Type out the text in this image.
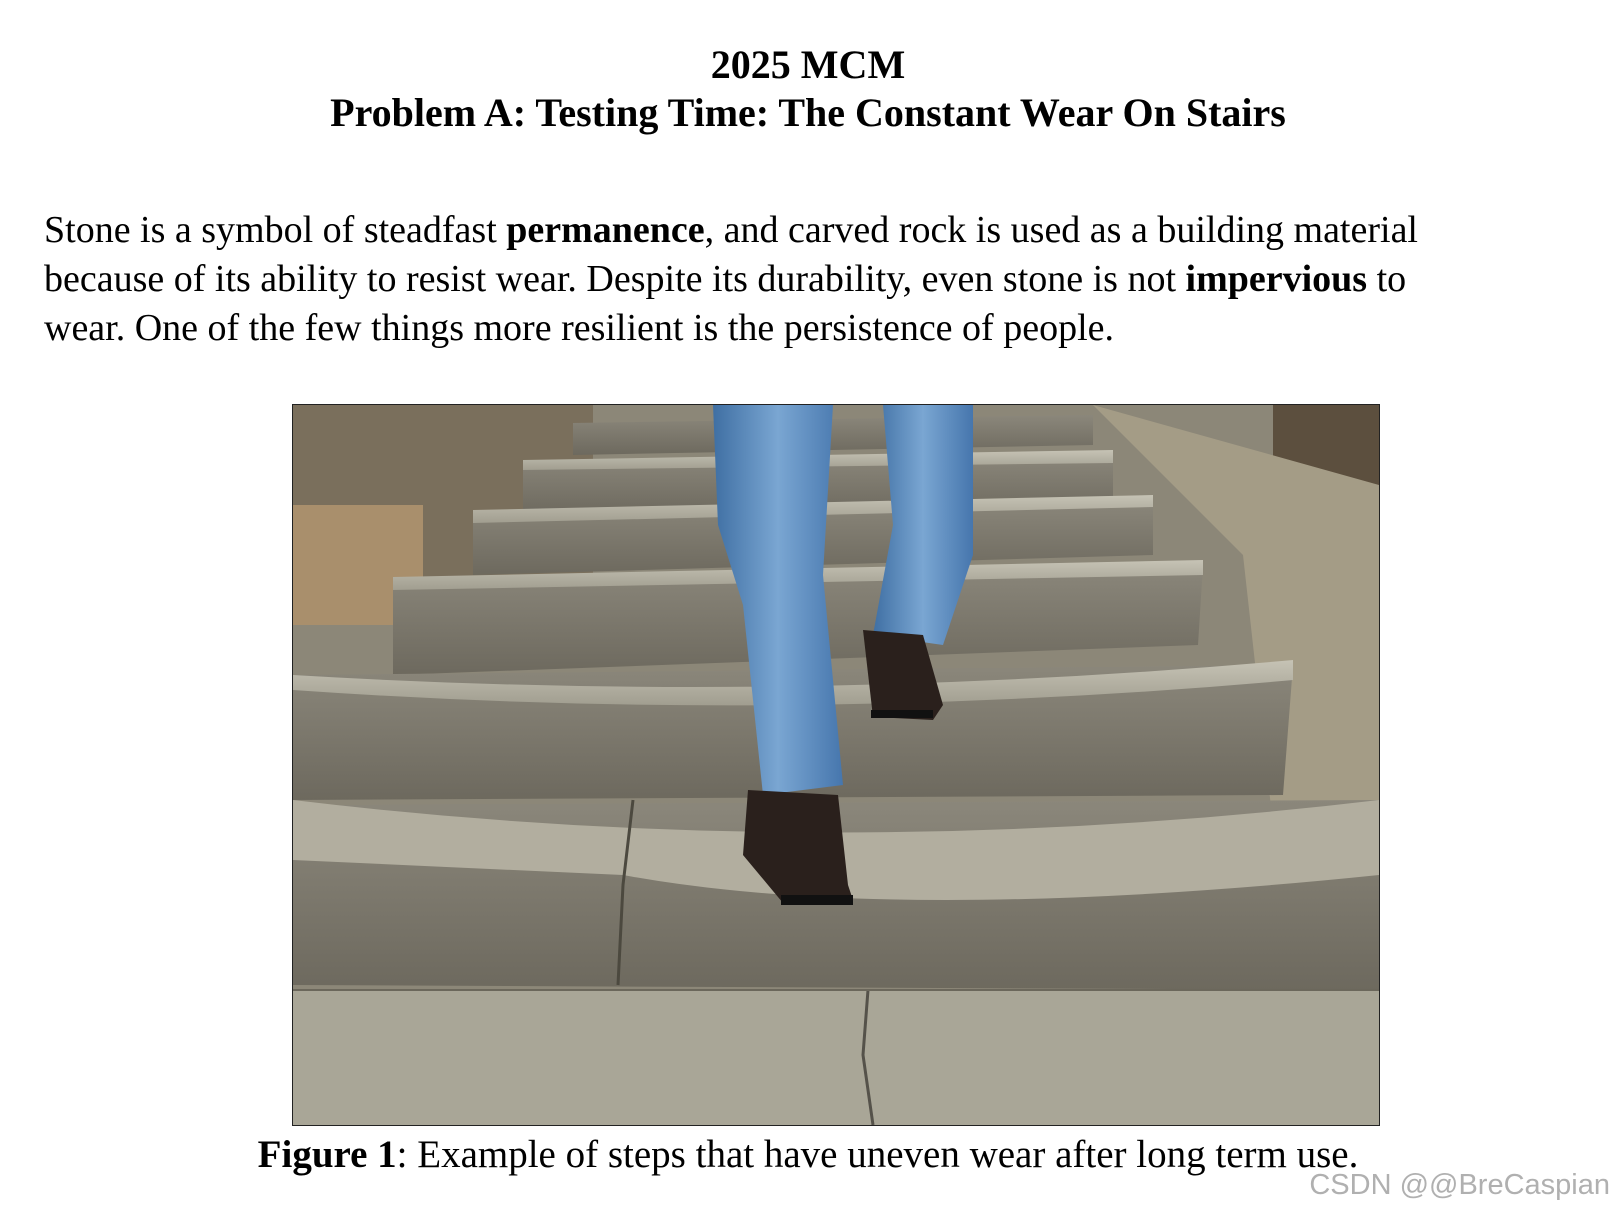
2025 MCM
Problem A: Testing Time: The Constant Wear On Stairs

Stone is a symbol of steadfast permanence, and carved rock is used as a building material
because of its ability to resist wear. Despite its durability, even stone is not impervious to
wear. One of the few things more resilient is the persistence of people.

Figure 1: Example of steps that have uneven wear after long term use.

CSDN @@BreCaspian
